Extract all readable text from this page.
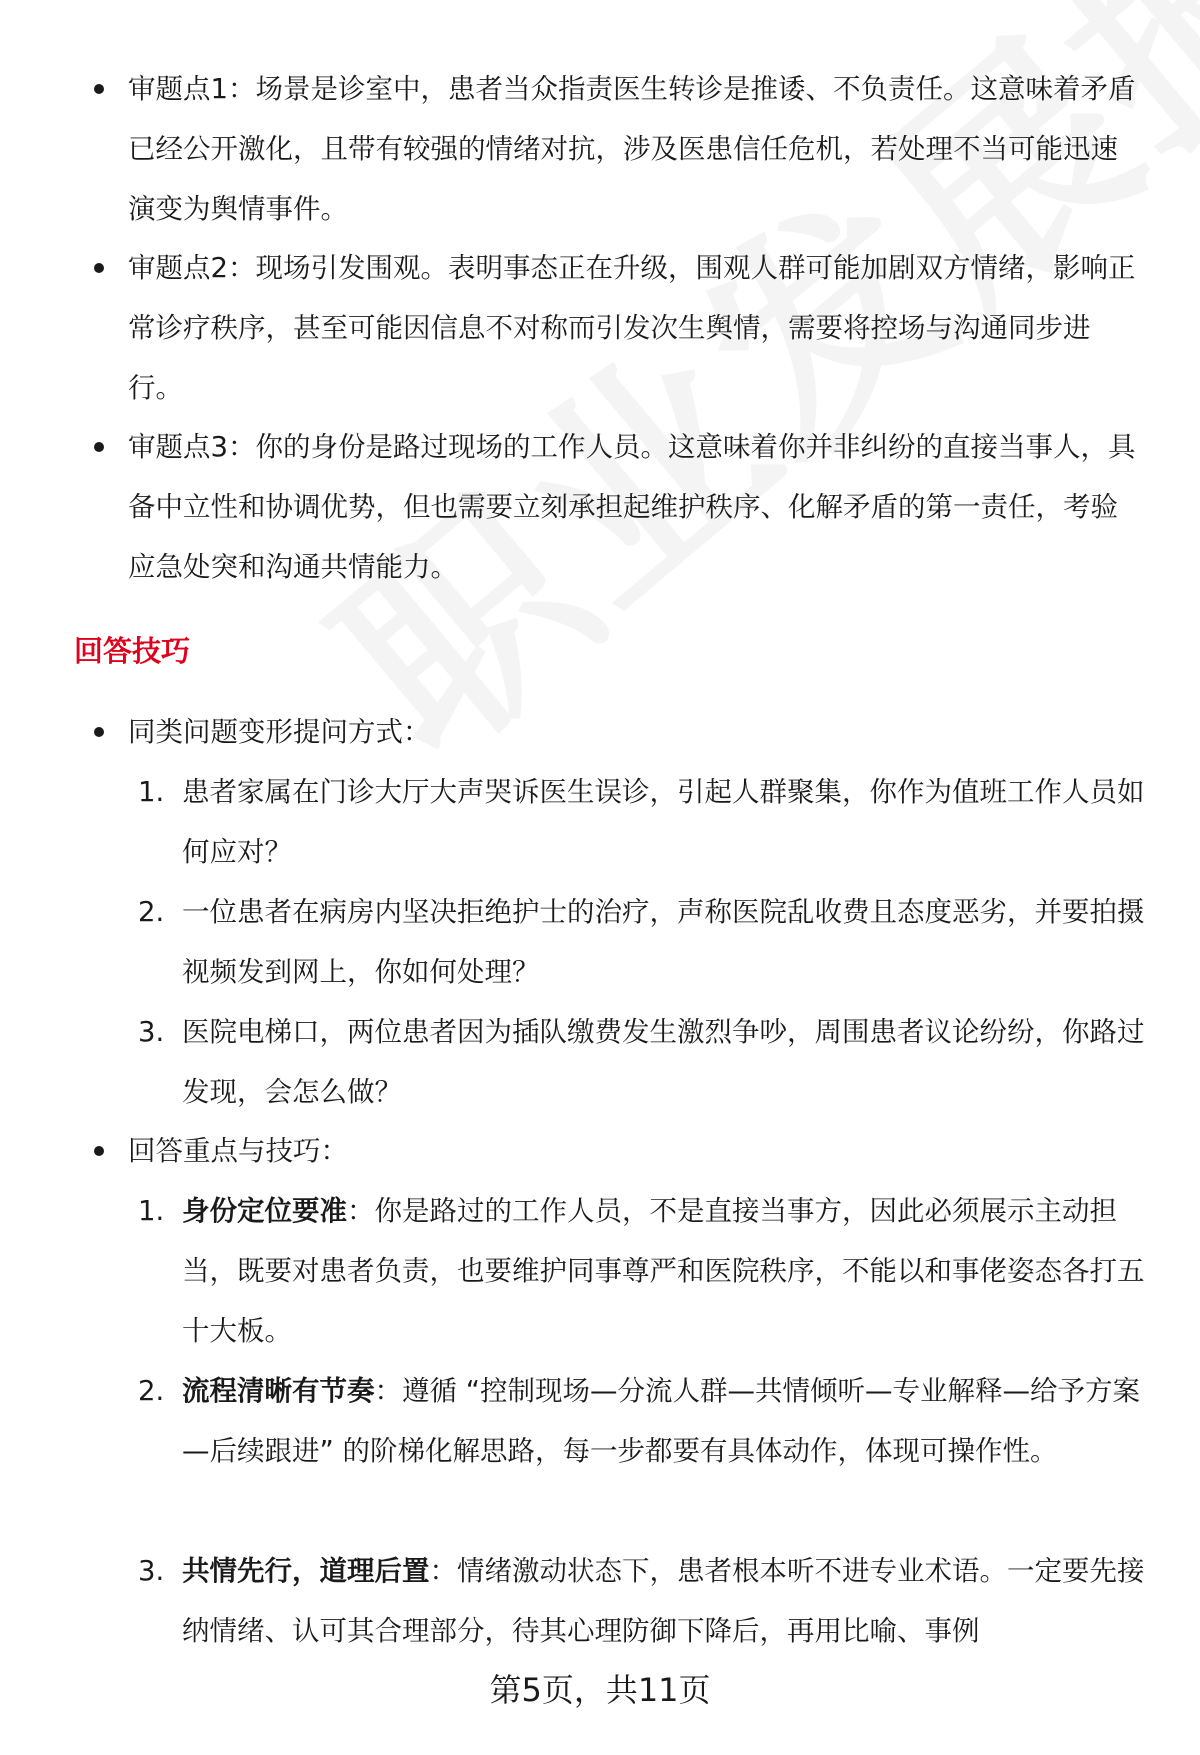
审题点1：场景是诊室中，患者当众指责医生转诊是推诿、不负责任。这意味着矛盾已经公开激化，且带有较强的情绪对抗，涉及医患信任危机，若处理不当可能迅速演变为舆情事件。

审题点2：现场引发围观。表明事态正在升级，围观人群可能加剧双方情绪，影响正常诊疗秩序，甚至可能因信息不对称而引发次生舆情，需要将控场与沟通同步进行。

审题点3：你的身份是路过现场的工作人员。这意味着你并非纠纷的直接当事人，具备中立性和协调优势，但也需要立刻承担起维护秩序、化解矛盾的第一责任，考验应急处突和沟通共情能力。

回答技巧

同类问题变形提问方式：

1. 患者家属在门诊大厅大声哭诉医生误诊，引起人群聚集，你作为值班工作人员如何应对？

2. 一位患者在病房内坚决拒绝护士的治疗，声称医院乱收费且态度恶劣，并要拍摄视频发到网上，你如何处理？

3. 医院电梯口，两位患者因为插队缴费发生激烈争吵，周围患者议论纷纷，你路过发现，会怎么做？

回答重点与技巧：

1. 身份定位要准：你是路过的工作人员，不是直接当事方，因此必须展示主动担当，既要对患者负责，也要维护同事尊严和医院秩序，不能以和事佬姿态各打五十大板。

2. 流程清晰有节奏：遵循 “控制现场—分流人群—共情倾听—专业解释—给予方案—后续跟进” 的阶梯化解思路，每一步都要有具体动作，体现可操作性。

3. 共情先行，道理后置：情绪激动状态下，患者根本听不进专业术语。一定要先接纳情绪、认可其合理部分，待其心理防御下降后，再用比喻、事例

第5页，共11页
